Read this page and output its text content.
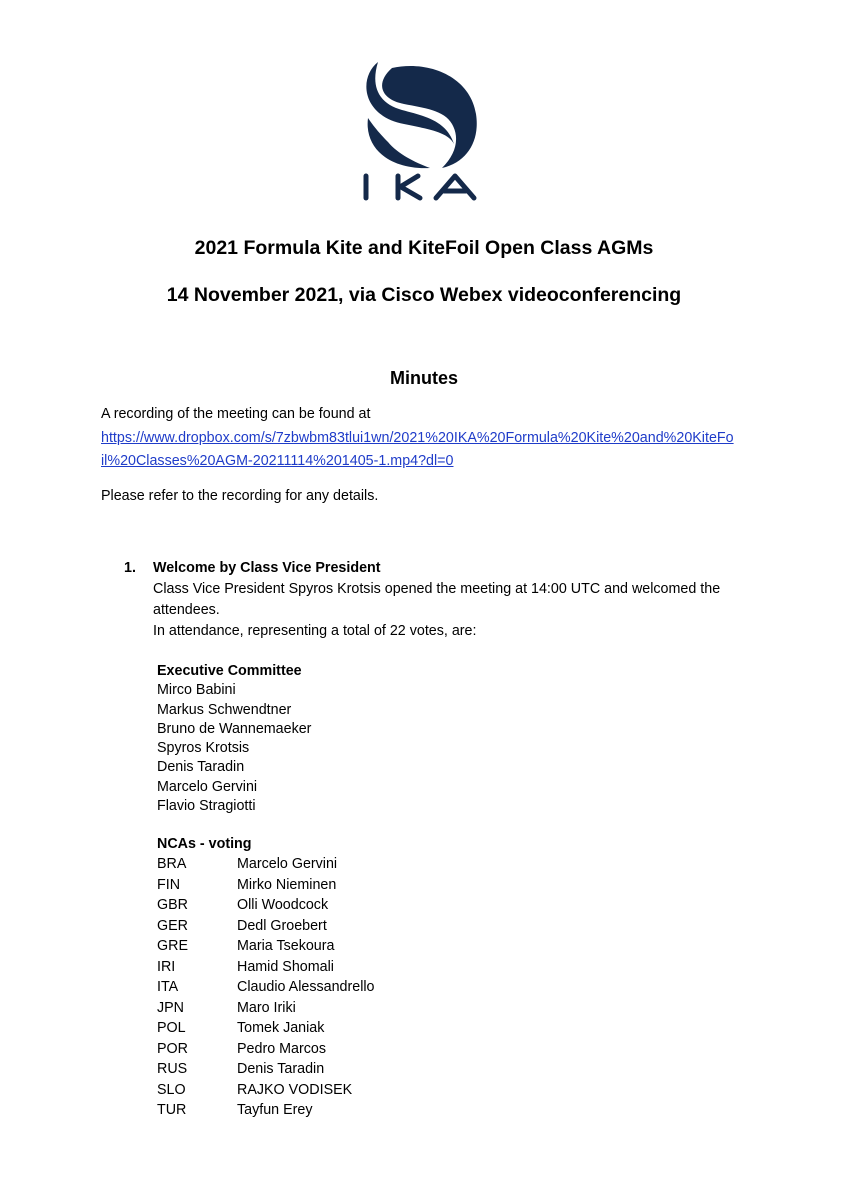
2021 Formula Kite and KiteFoil Open Class AGMs
14 November 2021, via Cisco Webex videoconferencing
Minutes
A recording of the meeting can be found at
https://www.dropbox.com/s/7zbwbm83tlui1wn/2021%20IKA%20Formula%20Kite%20and%20KiteFo
il%20Classes%20AGM-20211114%201405-1.mp4?dl=0
Please refer to the recording for any details.
1. Welcome by Class Vice President
Class Vice President Spyros Krotsis opened the meeting at 14:00 UTC and welcomed the
attendees.
In attendance, representing a total of 22 votes, are:
Executive Committee
Mirco Babini
Markus Schwendtner
Bruno de Wannemaeker
Spyros Krotsis
Denis Taradin
Marcelo Gervini
Flavio Stragiotti
NCAs - voting
BRA	Marcelo Gervini
FIN	Mirko Nieminen
GBR	Olli Woodcock
GER	Dedl Groebert
GRE	Maria Tsekoura
IRI	Hamid Shomali
ITA	Claudio Alessandrello
JPN	Maro Iriki
POL	Tomek Janiak
POR	Pedro Marcos
RUS	Denis Taradin
SLO	RAJKO VODISEK
TUR	Tayfun Erey
